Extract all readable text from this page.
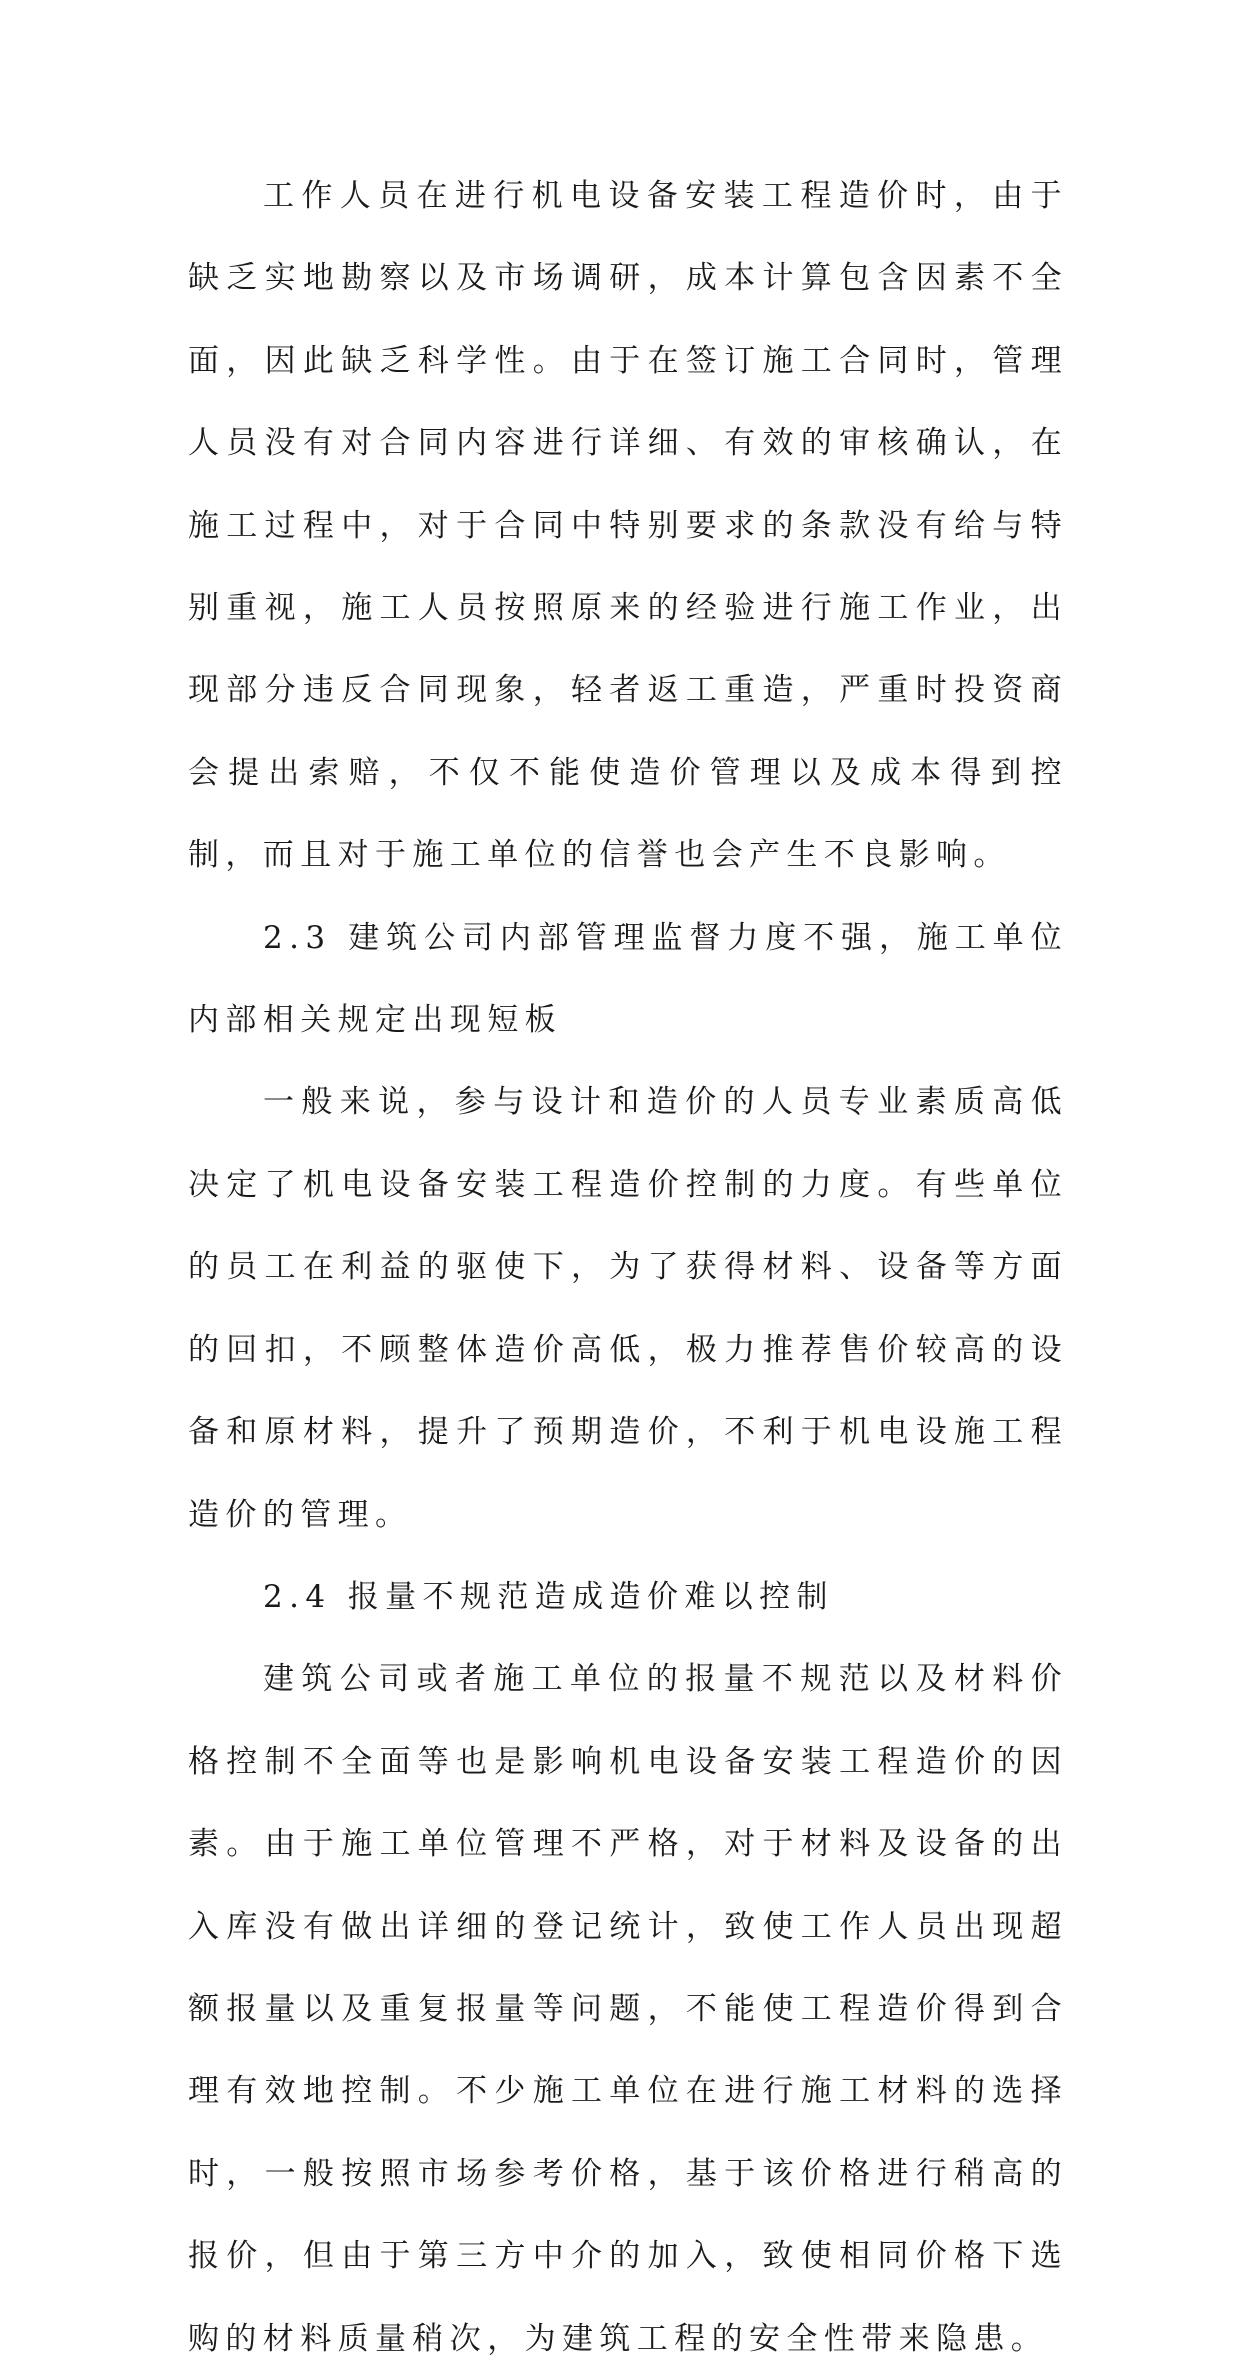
工作人员在进行机电设备安装工程造价时，由于缺乏实地勘察以及市场调研，成本计算包含因素不全面，因此缺乏科学性。由于在签订施工合同时，管理人员没有对合同内容进行详细、有效的审核确认，在施工过程中，对于合同中特别要求的条款没有给与特别重视，施工人员按照原来的经验进行施工作业，出现部分违反合同现象，轻者返工重造，严重时投资商会提出索赔，不仅不能使造价管理以及成本得到控制，而且对于施工单位的信誉也会产生不良影响。

2.3 建筑公司内部管理监督力度不强，施工单位内部相关规定出现短板

一般来说，参与设计和造价的人员专业素质高低决定了机电设备安装工程造价控制的力度。有些单位的员工在利益的驱使下，为了获得材料、设备等方面的回扣，不顾整体造价高低，极力推荐售价较高的设备和原材料，提升了预期造价，不利于机电设施工程造价的管理。

2.4 报量不规范造成造价难以控制

建筑公司或者施工单位的报量不规范以及材料价格控制不全面等也是影响机电设备安装工程造价的因素。由于施工单位管理不严格，对于材料及设备的出入库没有做出详细的登记统计，致使工作人员出现超额报量以及重复报量等问题，不能使工程造价得到合理有效地控制。不少施工单位在进行施工材料的选择时，一般按照市场参考价格，基于该价格进行稍高的报价，但由于第三方中介的加入，致使相同价格下选购的材料质量稍次，为建筑工程的安全性带来隐患。
